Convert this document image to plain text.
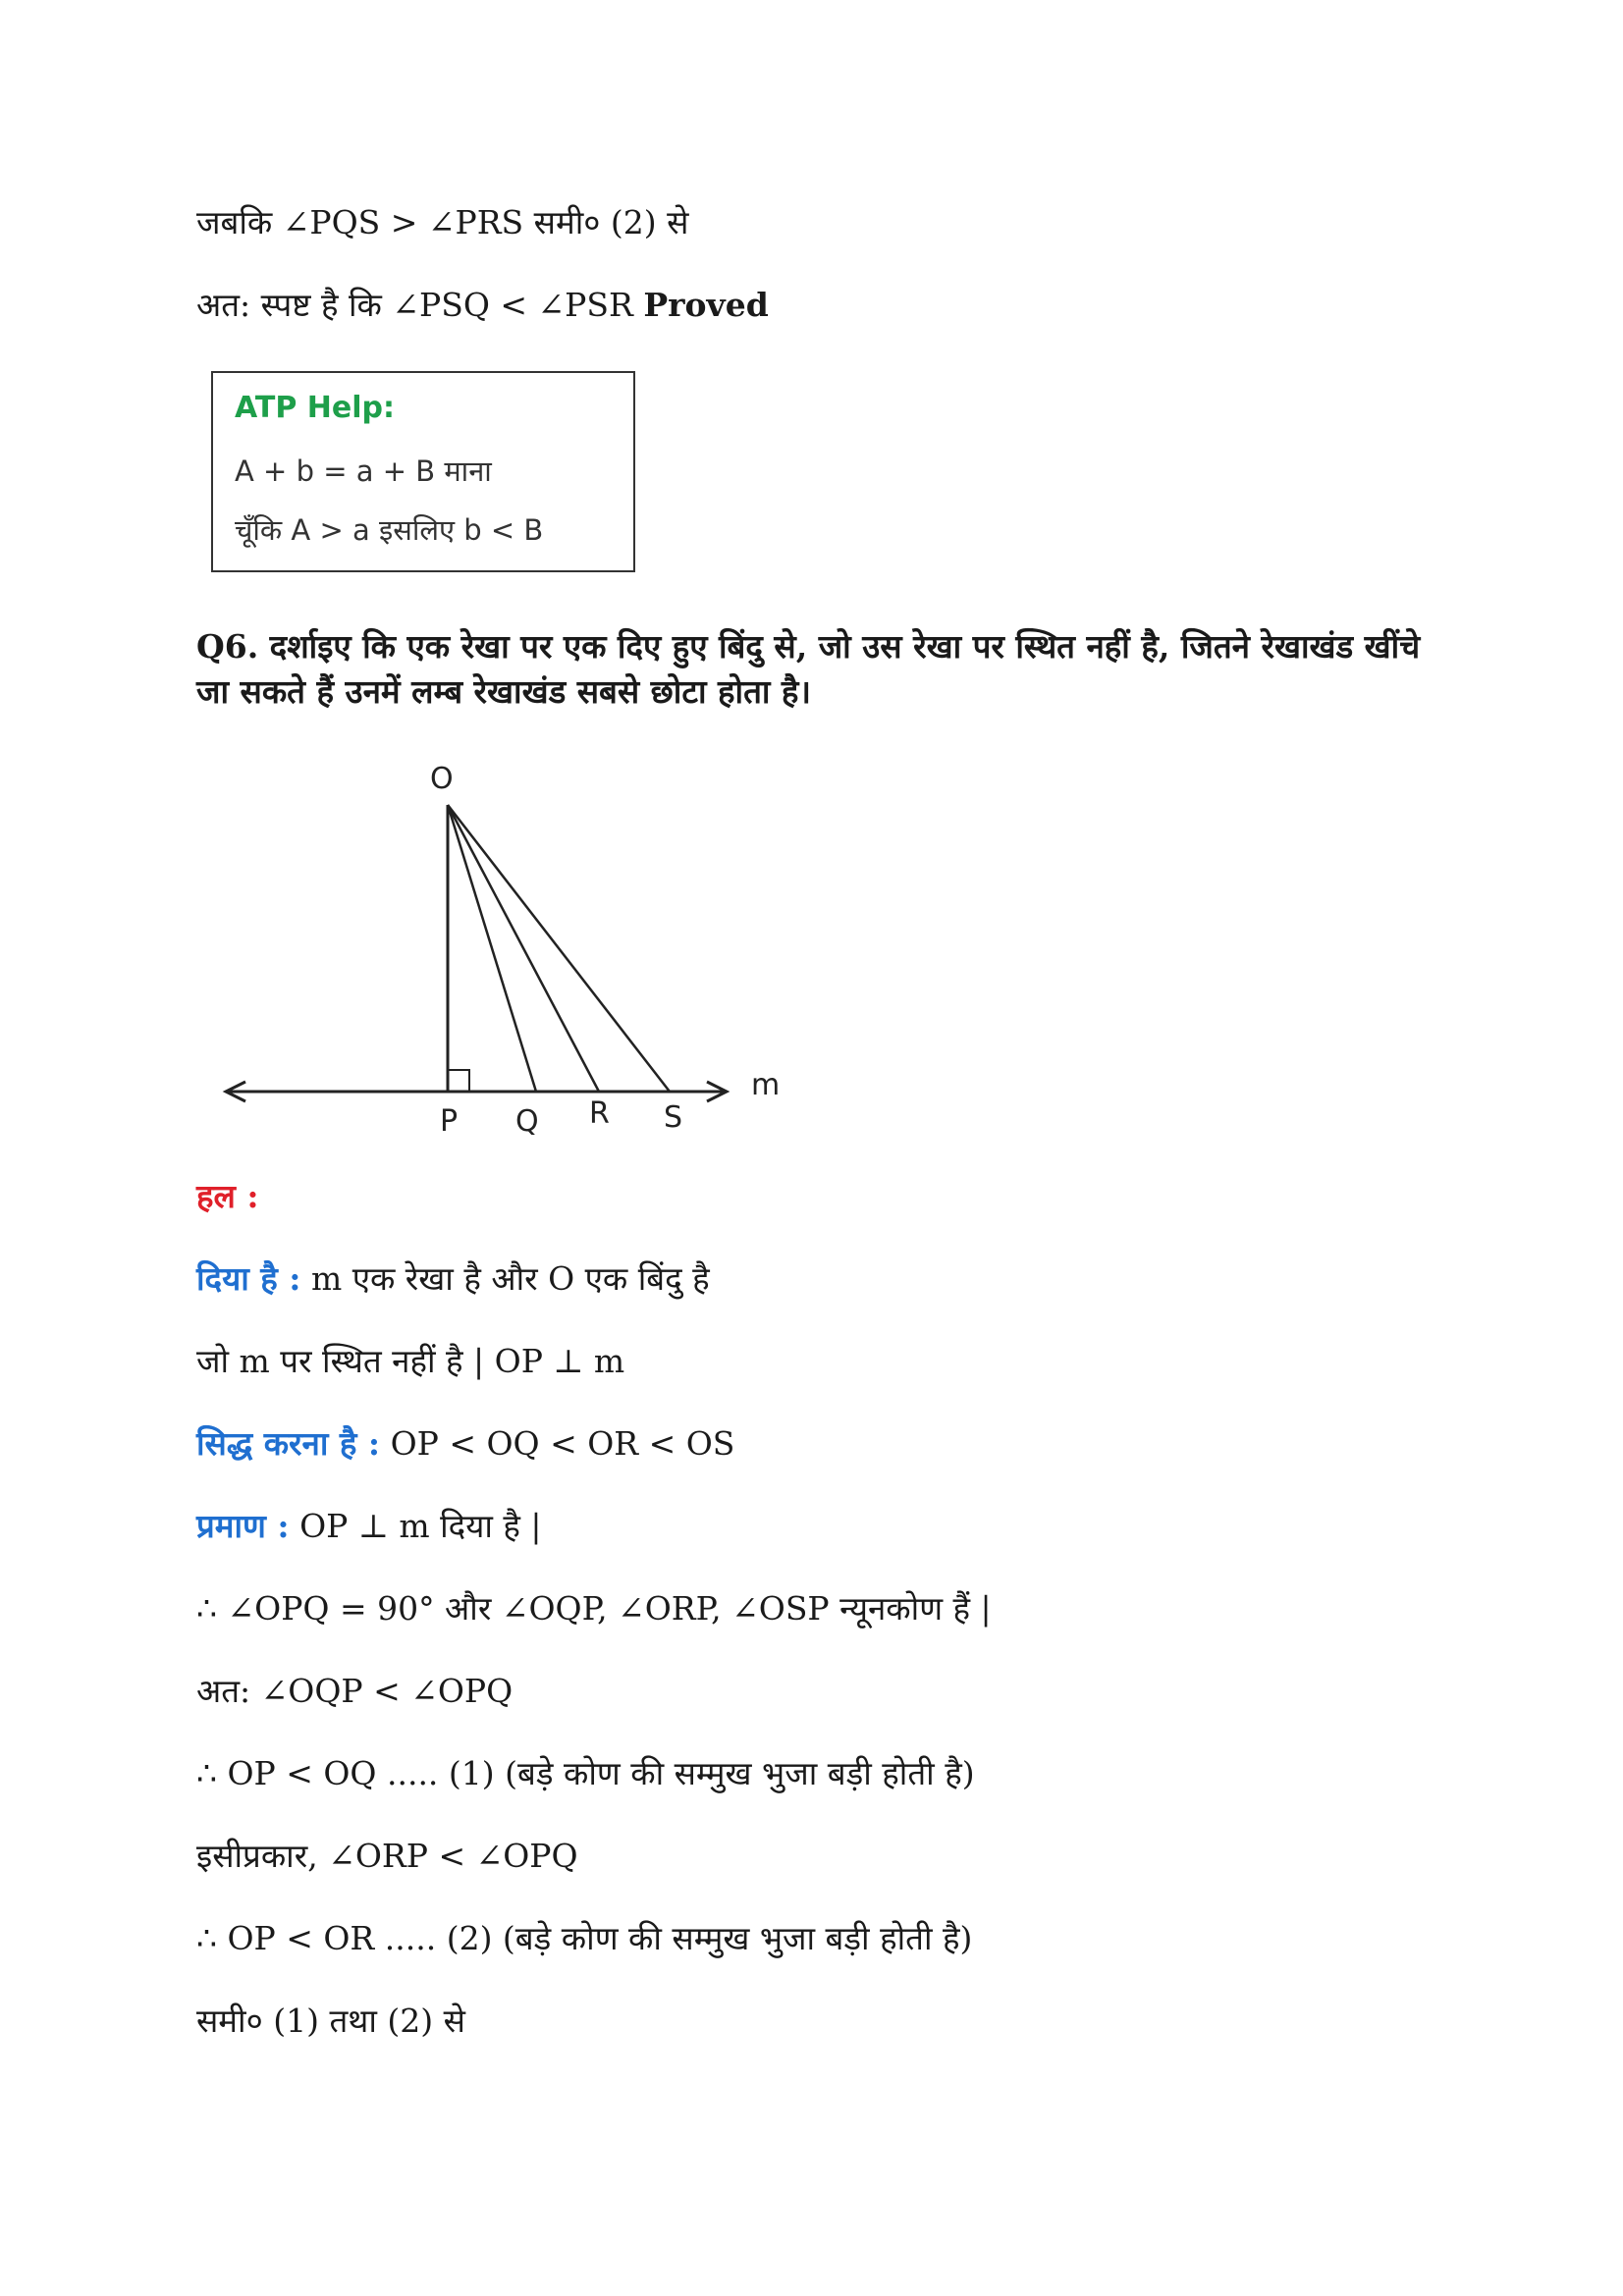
जबकि ∠PQS > ∠PRS समी० (2) से
अत: स्पष्ट है कि ∠PSQ < ∠PSR Proved
ATP Help:
A + b = a + B माना
चूँकि A > a इसलिए b < B
Q6. दर्शाइए कि एक रेखा पर एक दिए हुए बिंदु से, जो उस रेखा पर स्थित नहीं है, जितने रेखाखंड खींचे जा सकते हैं उनमें लम्ब रेखाखंड सबसे छोटा होता है।
O
P Q R S
m
हल :
दिया है : m एक रेखा है और O एक बिंदु है
जो m पर स्थित नहीं है | OP ⊥ m
सिद्ध करना है : OP < OQ < OR < OS
प्रमाण : OP ⊥ m दिया है |
∴ ∠OPQ = 90° और ∠OQP, ∠ORP, ∠OSP न्यूनकोण हैं |
अत: ∠OQP < ∠OPQ
∴ OP < OQ ..... (1) (बड़े कोण की सम्मुख भुजा बड़ी होती है)
इसीप्रकार, ∠ORP < ∠OPQ
∴ OP < OR ..... (2) (बड़े कोण की सम्मुख भुजा बड़ी होती है)
समी० (1) तथा (2) से
